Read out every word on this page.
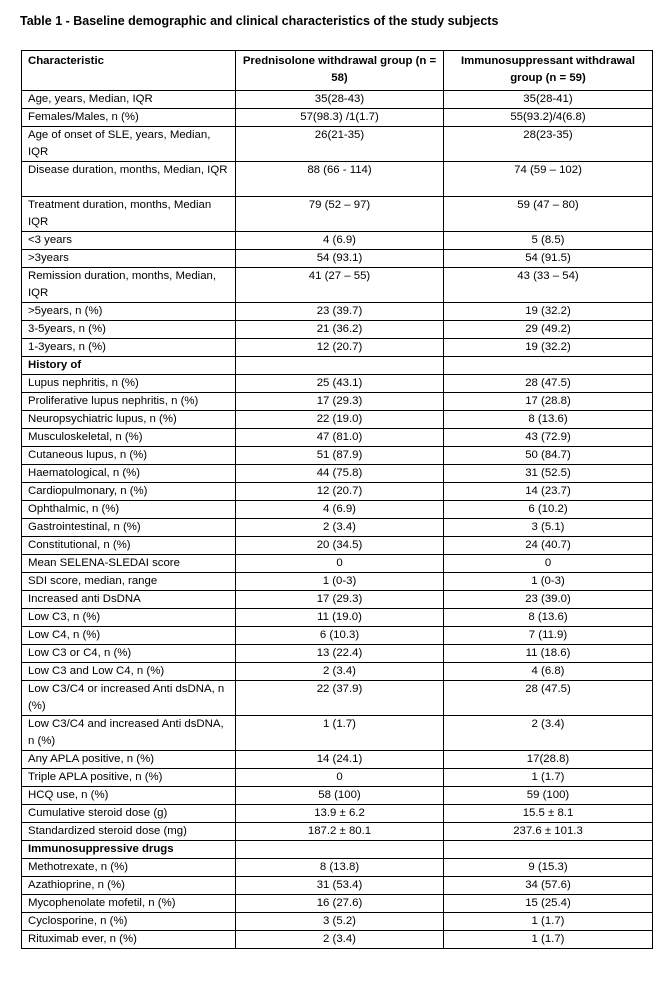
Table 1 - Baseline demographic and clinical characteristics of the study subjects
Characteristic	Prednisolone withdrawal group (n = 58)	Immunosuppressant withdrawal group (n = 59)
Age, years, Median, IQR	35(28-43)	35(28-41)
Females/Males, n (%)	57(98.3) /1(1.7)	55(93.2)/4(6.8)
Age of onset of SLE, years, Median, IQR	26(21-35)	28(23-35)
Disease duration, months, Median, IQR	88 (66 - 114)	74 (59 – 102)
Treatment duration, months, Median IQR	79 (52 – 97)	59 (47 – 80)
<3 years	4 (6.9)	5 (8.5)
>3years	54 (93.1)	54 (91.5)
Remission duration, months, Median, IQR	41 (27 – 55)	43 (33 – 54)
>5years, n (%)	23 (39.7)	19 (32.2)
3-5years, n (%)	21 (36.2)	29 (49.2)
1-3years, n (%)	12 (20.7)	19 (32.2)
History of		
Lupus nephritis, n (%)	25 (43.1)	28 (47.5)
Proliferative lupus nephritis, n (%)	17 (29.3)	17 (28.8)
Neuropsychiatric lupus, n (%)	22 (19.0)	8 (13.6)
Musculoskeletal, n (%)	47 (81.0)	43 (72.9)
Cutaneous lupus, n (%)	51 (87.9)	50 (84.7)
Haematological, n (%)	44 (75.8)	31 (52.5)
Cardiopulmonary, n (%)	12 (20.7)	14 (23.7)
Ophthalmic, n (%)	4 (6.9)	6 (10.2)
Gastrointestinal, n (%)	2 (3.4)	3 (5.1)
Constitutional, n (%)	20 (34.5)	24 (40.7)
Mean SELENA-SLEDAI score	0	0
SDI score, median, range	1 (0-3)	1 (0-3)
Increased anti DsDNA	17 (29.3)	23 (39.0)
Low C3, n (%)	11 (19.0)	8 (13.6)
Low C4, n (%)	6 (10.3)	7 (11.9)
Low C3 or C4, n (%)	13 (22.4)	11 (18.6)
Low C3 and Low C4, n (%)	2 (3.4)	4 (6.8)
Low C3/C4 or increased Anti dsDNA, n (%)	22 (37.9)	28 (47.5)
Low C3/C4 and increased Anti dsDNA, n (%)	1 (1.7)	2 (3.4)
Any APLA positive, n (%)	14 (24.1)	17(28.8)
Triple APLA positive, n (%)	0	1 (1.7)
HCQ use, n (%)	58 (100)	59 (100)
Cumulative steroid dose (g)	13.9 ± 6.2	15.5 ± 8.1
Standardized steroid dose (mg)	187.2 ± 80.1	237.6 ± 101.3
Immunosuppressive drugs		
Methotrexate, n (%)	8 (13.8)	9 (15.3)
Azathioprine, n (%)	31 (53.4)	34 (57.6)
Mycophenolate mofetil, n (%)	16 (27.6)	15 (25.4)
Cyclosporine, n (%)	3 (5.2)	1 (1.7)
Rituximab ever, n (%)	2 (3.4)	1 (1.7)
